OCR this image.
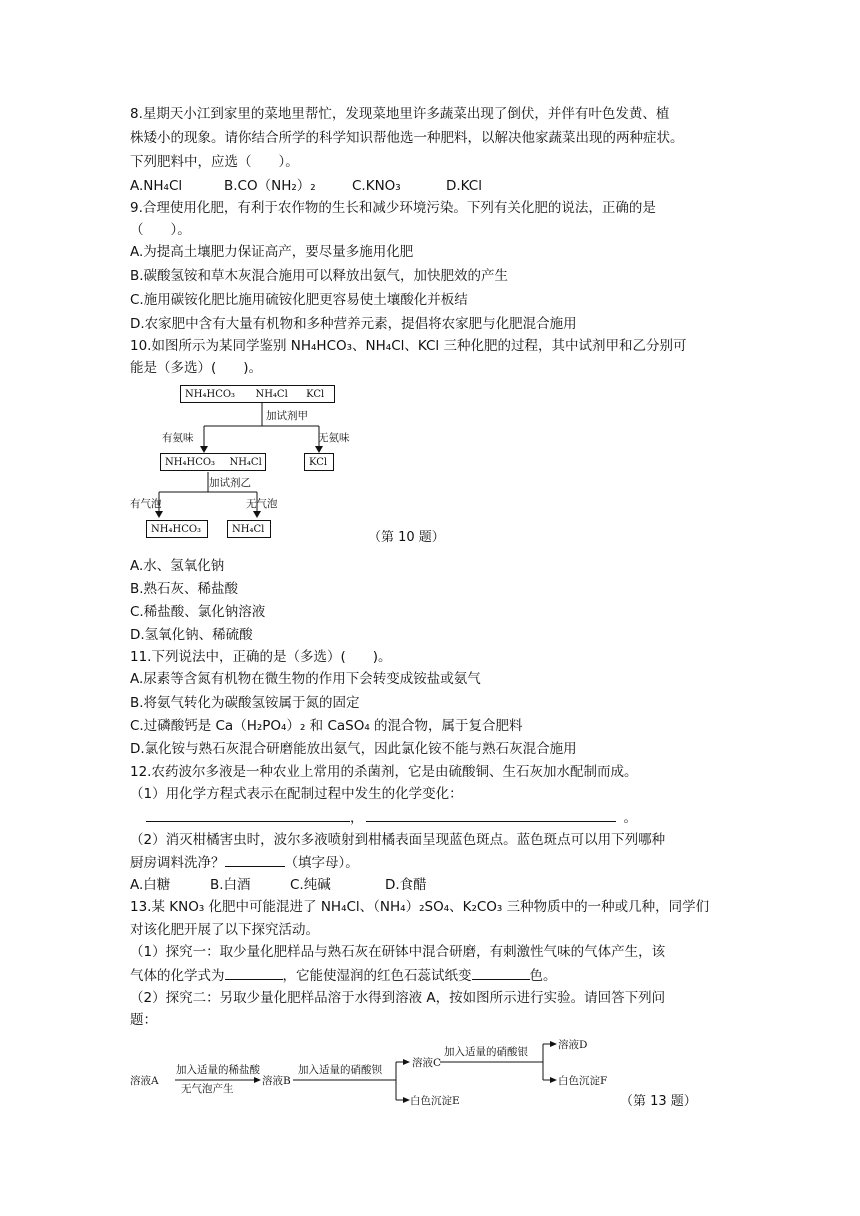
8.星期天小江到家里的菜地里帮忙，发现菜地里许多蔬菜出现了倒伏，并伴有叶色发黄、植
株矮小的现象。请你结合所学的科学知识帮他选一种肥料，以解决他家蔬菜出现的两种症状。
下列肥料中，应选（　　）。
A.NH₄Cl	B.CO（NH₂）₂	C.KNO₃	D.KCl
9.合理使用化肥，有利于农作物的生长和减少环境污染。下列有关化肥的说法，正确的是
（　　）。
A.为提高土壤肥力保证高产，要尽量多施用化肥
B.碳酸氢铵和草木灰混合施用可以释放出氨气，加快肥效的产生
C.施用碳铵化肥比施用硫铵化肥更容易使土壤酸化并板结
D.农家肥中含有大量有机物和多种营养元素，提倡将农家肥与化肥混合施用
10.如图所示为某同学鉴别 NH₄HCO₃、NH₄Cl、KCl 三种化肥的过程，其中试剂甲和乙分别可
能是（多选）(　　)。
NH₄HCO₃ NH₄Cl KCl
加试剂甲
有氨味	无氨味
NH₄HCO₃ NH₄Cl	KCl
加试剂乙
有气泡	无气泡
NH₄HCO₃	NH₄Cl
（第 10 题）
A.水、氢氧化钠
B.熟石灰、稀盐酸
C.稀盐酸、氯化钠溶液
D.氢氧化钠、稀硫酸
11.下列说法中，正确的是（多选）(　　)。
A.尿素等含氮有机物在微生物的作用下会转变成铵盐或氨气
B.将氨气转化为碳酸氢铵属于氮的固定
C.过磷酸钙是 Ca（H₂PO₄）₂ 和 CaSO₄ 的混合物，属于复合肥料
D.氯化铵与熟石灰混合研磨能放出氨气，因此氯化铵不能与熟石灰混合施用
12.农药波尔多液是一种农业上常用的杀菌剂，它是由硫酸铜、生石灰加水配制而成。
（1）用化学方程式表示在配制过程中发生的化学变化：
，	。
（2）消灭柑橘害虫时，波尔多液喷射到柑橘表面呈现蓝色斑点。蓝色斑点可以用下列哪种
厨房调料洗净？	（填字母）。
A.白糖	B.白酒	C.纯碱	D.食醋
13.某 KNO₃ 化肥中可能混进了 NH₄Cl、（NH₄）₂SO₄、K₂CO₃ 三种物质中的一种或几种，同学们
对该化肥开展了以下探究活动。
（1）探究一：取少量化肥样品与熟石灰在研钵中混合研磨，有刺激性气味的气体产生，该
气体的化学式为	，它能使湿润的红色石蕊试纸变	色。
（2）探究二：另取少量化肥样品溶于水得到溶液 A，按如图所示进行实验。请回答下列问
题：
溶液A
加入适量的稀盐酸
无气泡产生
溶液B
加入适量的硝酸钡
溶液C
加入适量的硝酸银
溶液D
白色沉淀F
白色沉淀E	（第 13 题）
